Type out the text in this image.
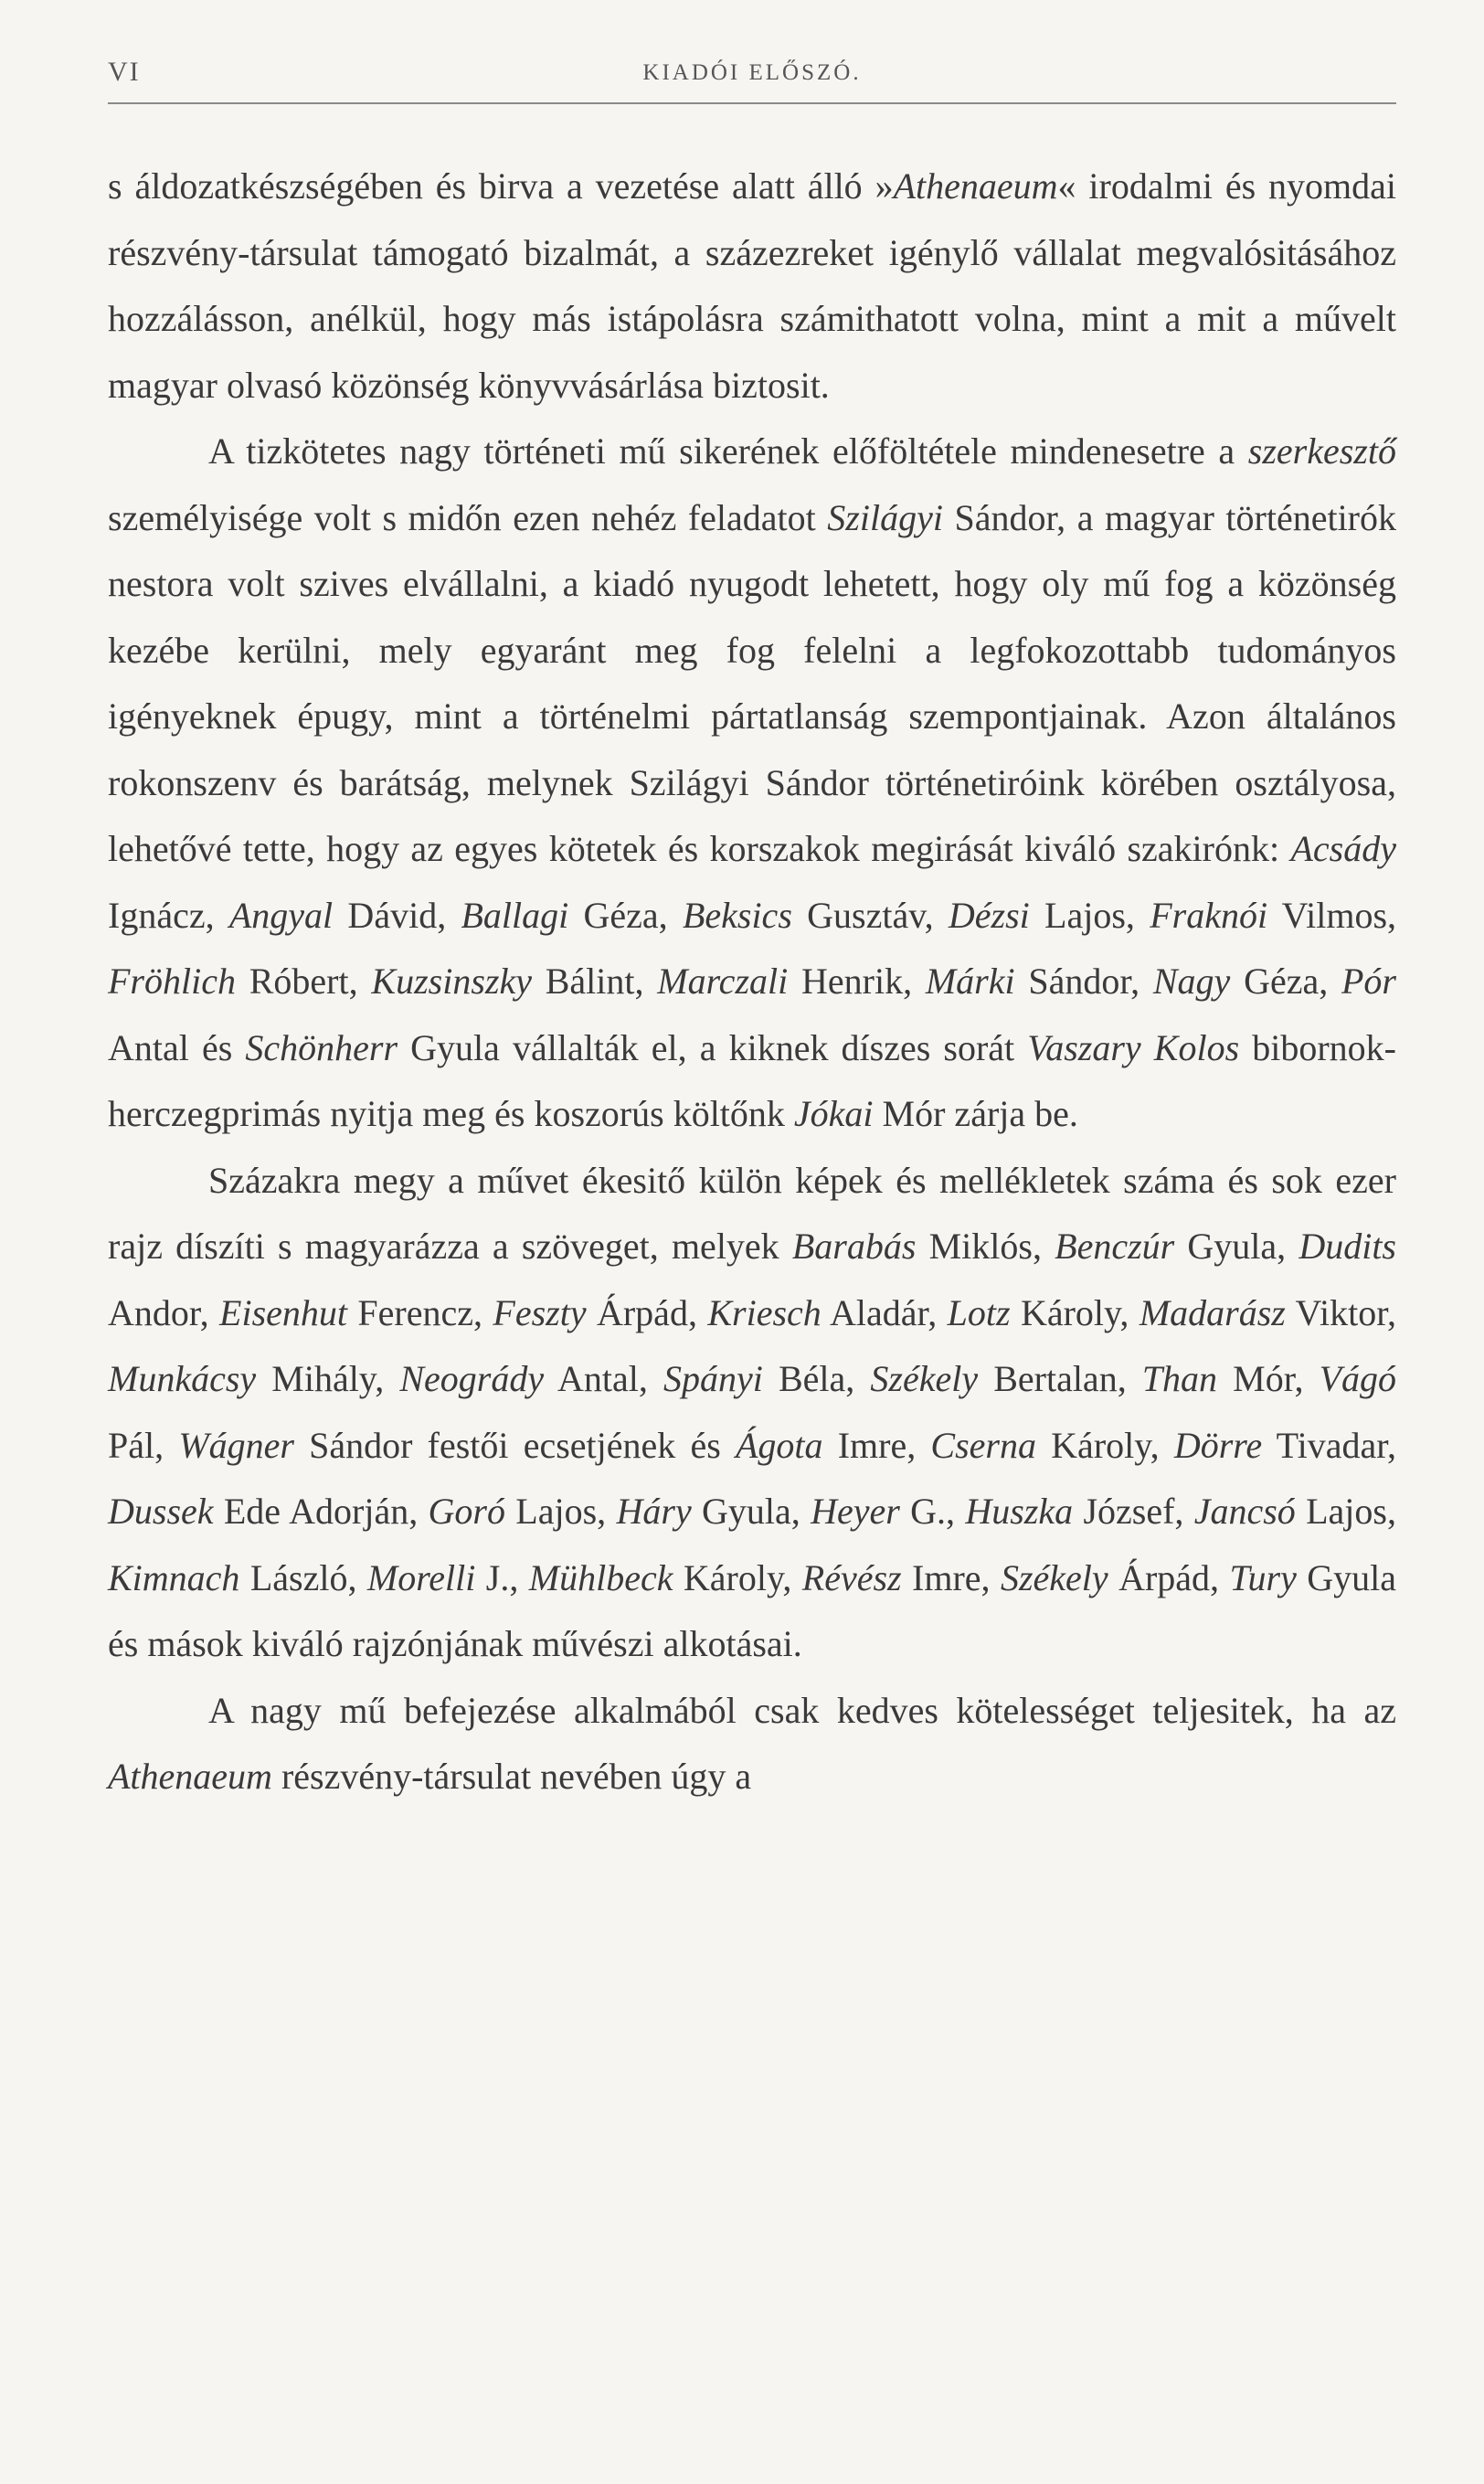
VI	KIADÓI ELŐSZÓ.

s áldozatkészségében és birva a vezetése alatt álló »Athenaeum« irodalmi és nyomdai részvény-társulat támogató bizalmát, a százezreket igénylő vállalat megvalósitásához hozzálásson, anélkül, hogy más istápolásra számithatott volna, mint a mit a művelt magyar olvasó közönség könyvvásárlása biztosit.

A tizkötetes nagy történeti mű sikerének előföltétele mindenesetre a szerkesztő személyisége volt s midőn ezen nehéz feladatot Szilágyi Sándor, a magyar történetirók nestora volt szives elvállalni, a kiadó nyugodt lehetett, hogy oly mű fog a közönség kezébe kerülni, mely egyaránt meg fog felelni a legfokozottabb tudományos igényeknek épugy, mint a történelmi pártatlanság szempontjainak. Azon általános rokonszenv és barátság, melynek Szilágyi Sándor történetiróink körében osztályosa, lehetővé tette, hogy az egyes kötetek és korszakok megirását kiváló szakirónk: Acsády Ignácz, Angyal Dávid, Ballagi Géza, Beksics Gusztáv, Dézsi Lajos, Fraknói Vilmos, Fröhlich Róbert, Kuzsinszky Bálint, Marczali Henrik, Márki Sándor, Nagy Géza, Pór Antal és Schönherr Gyula vállalták el, a kiknek díszes sorát Vaszary Kolos bibornok-herczegprimás nyitja meg és koszorús költőnk Jókai Mór zárja be.

Százakra megy a művet ékesitő külön képek és mellékletek száma és sok ezer rajz díszíti s magyarázza a szöveget, melyek Barabás Miklós, Benczúr Gyula, Dudits Andor, Eisenhut Ferencz, Feszty Árpád, Kriesch Aladár, Lotz Károly, Madarász Viktor, Munkácsy Mihály, Neogrády Antal, Spányi Béla, Székely Bertalan, Than Mór, Vágó Pál, Wágner Sándor festői ecsetjének és Ágota Imre, Cserna Károly, Dörre Tivadar, Dussek Ede Adorján, Goró Lajos, Háry Gyula, Heyer G., Huszka József, Jancsó Lajos, Kimnach László, Morelli J., Mühlbeck Károly, Révész Imre, Székely Árpád, Tury Gyula és mások kiváló rajzónjának művészi alkotásai.

A nagy mű befejezése alkalmából csak kedves kötelességet teljesitek, ha az Athenaeum részvény-társulat nevében úgy a
